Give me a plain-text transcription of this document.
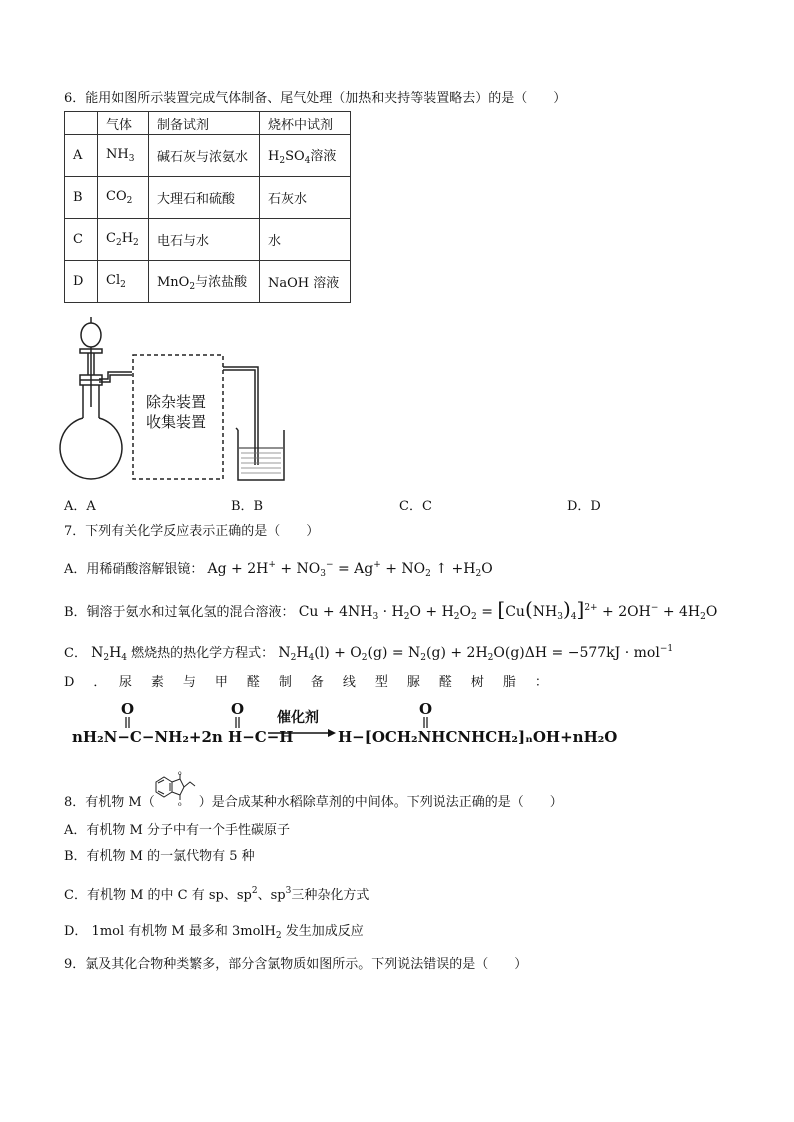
6．能用如图所示装置完成气体制备、尾气处理（加热和夹持等装置略去）的是（　　）
	气体	制备试剂	烧杯中试剂
A	$NH_3$	碱石灰与浓氨水	$H_2SO_4$溶液
B	$CO_2$	大理石和硫酸	石灰水
C	$C_2H_2$	电石与水	水
D	$Cl_2$	MnO$_2$与浓盐酸	NaOH 溶液
除杂装置
收集装置
A．A	B．B	C．C	D．D
7．下列有关化学反应表示正确的是（　　）
A．用稀硝酸溶解银镜： $Ag + 2H^+ + NO_3^- = Ag^+ + NO_2$ ↑ $+H_2O$
B．铜溶于氨水和过氧化氢的混合溶液： $Cu + 4NH_3 \cdot H_2O + H_2O_2 = [Cu(NH_3)_4]^{2+} + 2OH^- + 4H_2O$
C． $N_2H_4$ 燃烧热的热化学方程式： $N_2H_4(l) + O_2(g) = N_2(g) + 2H_2O(g)\Delta H = -577kJ \cdot mol^{-1}$
D　．　尿　素　与　甲　醛　制　备　线　型　脲　醛　树　脂　：
nH₂N−C−NH₂+2n H−C−H
O	O 催化剂
H−[OCH₂NHCNHCH₂]ₙOH+nH₂O
O
8．有机物 M（	）是合成某种水稻除草剂的中间体。下列说法正确的是（　　）
o
o
A．有机物 M 分子中有一个手性碳原子
B．有机物 M 的一氯代物有 5 种
C．有机物 M 的中 C 有 sp、$sp^2$、$sp^3$三种杂化方式
D． 1mol 有机物 M 最多和 3molH$_2$ 发生加成反应
9．氯及其化合物种类繁多，部分含氯物质如图所示。下列说法错误的是（　　）
